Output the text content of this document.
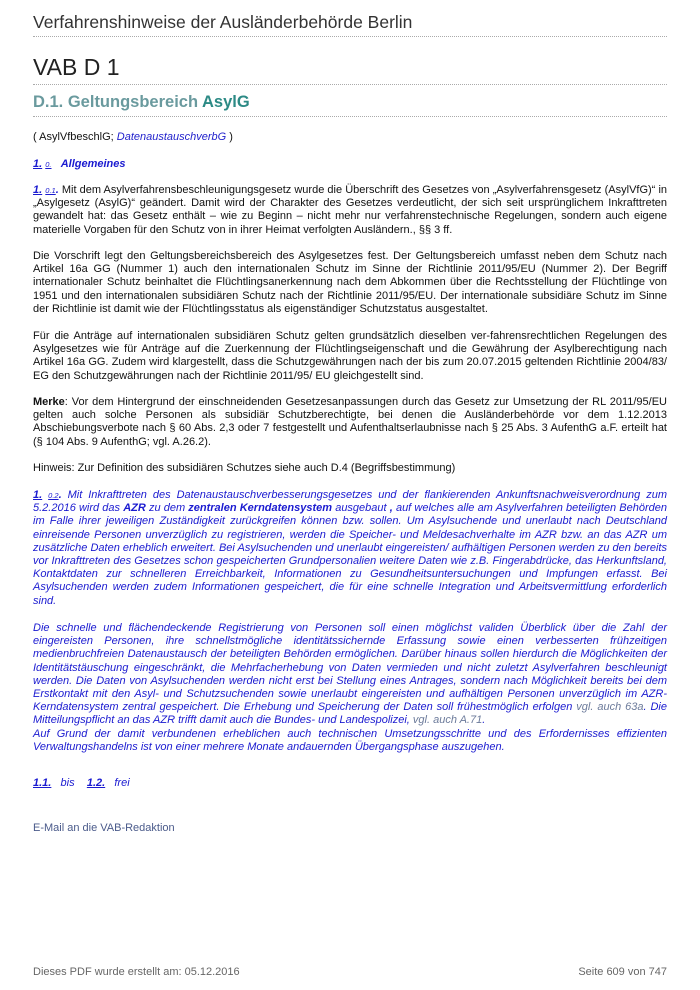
Verfahrenshinweise der Ausländerbehörde Berlin
VAB D 1
D.1. Geltungsbereich AsylG
( AsylVfbeschlG; DatenaustauschverbG )
1. 0. Allgemeines
1. 0.1. Mit dem Asylverfahrensbeschleunigungsgesetz wurde die Überschrift des Gesetzes von „Asylverfahrensgesetz (AsylVfG)“ in „Asylgesetz (AsylG)“ geändert. Damit wird der Charakter des Gesetzes verdeutlicht, der sich seit ursprünglichem Inkrafttreten gewandelt hat: das Gesetz enthält – wie zu Beginn – nicht mehr nur verfahrenstechnische Regelungen, sondern auch eigene materielle Vorgaben für den Schutz von in ihrer Heimat verfolgten Ausländern., §§ 3 ff.
Die Vorschrift legt den Geltungsbereichsbereich des Asylgesetzes fest. Der Geltungsbereich umfasst neben dem Schutz nach Artikel 16a GG (Nummer 1) auch den internationalen Schutz im Sinne der Richtlinie 2011/95/EU (Nummer 2). Der Begriff internationaler Schutz beinhaltet die Flüchtlingsanerkennung nach dem Abkommen über die Rechtsstellung der Flüchtlinge von 1951 und den internationalen subsidiären Schutz nach der Richtlinie 2011/95/EU. Der internationale subsidiäre Schutz im Sinne der Richtlinie ist damit wie der Flüchtlingsstatus als eigenständiger Schutzstatus ausgestaltet.
Für die Anträge auf internationalen subsidiären Schutz gelten grundsätzlich dieselben ver-fahrensrechtlichen Regelungen des Asylgesetzes wie für Anträge auf die Zuerkennung der Flüchtlingseigenschaft und die Gewährung der Asylberechtigung nach Artikel 16a GG. Zudem wird klargestellt, dass die Schutzgewährungen nach der bis zum 20.07.2015 geltenden Richtlinie 2004/83/ EG den Schutzgewährungen nach der Richtlinie 2011/95/ EU gleichgestellt sind.
Merke: Vor dem Hintergrund der einschneidenden Gesetzesanpassungen durch das Gesetz zur Umsetzung der RL 2011/95/EU gelten auch solche Personen als subsidiär Schutzberechtigte, bei denen die Ausländerbehörde vor dem 1.12.2013 Abschiebungsverbote nach § 60 Abs. 2,3 oder 7 festgestellt und Aufenthaltserlaubnisse nach § 25 Abs. 3 AufenthG a.F. erteilt hat (§ 104 Abs. 9 AufenthG; vgl. A.26.2).
Hinweis: Zur Definition des subsidiären Schutzes siehe auch D.4 (Begriffsbestimmung)
1. 0.2. Mit Inkrafttreten des Datenaustauschverbesserungsgesetzes und der flankierenden Ankunftsnachweisverordnung zum 5.2.2016 wird das AZR zu dem zentralen Kerndatensystem ausgebaut , auf welches alle am Asylverfahren beteiligten Behörden im Falle ihrer jeweiligen Zuständigkeit zurückgreifen können bzw. sollen. Um Asylsuchende und unerlaubt nach Deutschland einreisende Personen unverzüglich zu registrieren, werden die Speicher- und Meldesachverhalte im AZR bzw. an das AZR um zusätzliche Daten erheblich erweitert. Bei Asylsuchenden und unerlaubt eingereisten/ aufhältigen Personen werden zu den bereits vor Inkrafttreten des Gesetzes schon gespeicherten Grundpersonalien weitere Daten wie z.B. Fingerabdrücke, das Herkunftsland, Kontaktdaten zur schnelleren Erreichbarkeit, Informationen zu Gesundheitsuntersuchungen und Impfungen erfasst. Bei Asylsuchenden werden zudem Informationen gespeichert, die für eine schnelle Integration und Arbeitsvermittlung erforderlich sind.
Die schnelle und flächendeckende Registrierung von Personen soll einen möglichst validen Überblick über die Zahl der eingereisten Personen, ihre schnellstmögliche identitätssichernde Erfassung sowie einen verbesserten frühzeitigen medienbruchfreien Datenaustausch der beteiligten Behörden ermöglichen. Darüber hinaus sollen hierdurch die Möglichkeiten der Identitätstäuschung eingeschränkt, die Mehrfacherhebung von Daten vermieden und nicht zuletzt Asylverfahren beschleunigt werden. Die Daten von Asylsuchenden werden nicht erst bei Stellung eines Antrages, sondern nach Möglichkeit bereits bei dem Erstkontakt mit den Asyl- und Schutzsuchenden sowie unerlaubt eingereisten und aufhältigen Personen unverzüglich im AZR-Kerndatensystem zentral gespeichert. Die Erhebung und Speicherung der Daten soll frühestmöglich erfolgen vgl. auch 63a. Die Mitteilungspflicht an das AZR trifft damit auch die Bundes- und Landespolizei, vgl. auch A.71.
Auf Grund der damit verbundenen erheblichen auch technischen Umsetzungsschritte und des Erfordernisses effizienten Verwaltungshandelns ist von einer mehrere Monate andauernden Übergangsphase auszugehen.
1.1. bis 1.2. frei
E-Mail an die VAB-Redaktion
Dieses PDF wurde erstellt am: 05.12.2016	Seite 609 von 747
